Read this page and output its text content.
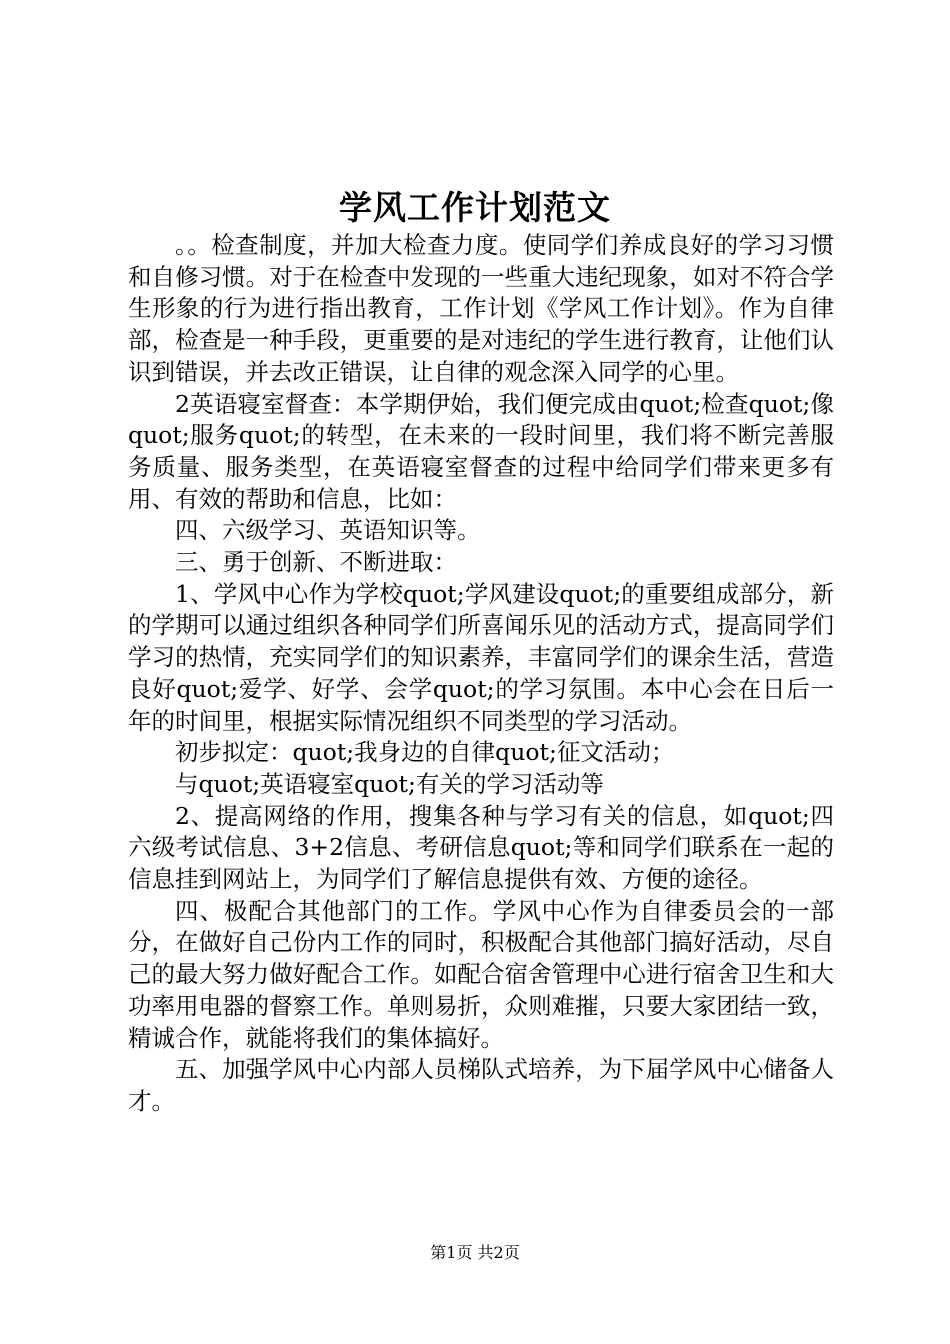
学风工作计划范文

。。检查制度，并加大检查力度。使同学们养成良好的学习习惯和自修习惯。对于在检查中发现的一些重大违纪现象，如对不符合学生形象的行为进行指出教育，工作计划《学风工作计划》。作为自律部，检查是一种手段，更重要的是对违纪的学生进行教育，让他们认识到错误，并去改正错误，让自律的观念深入同学的心里。

2英语寝室督查：本学期伊始，我们便完成由quot;检查quot;像quot;服务quot;的转型，在未来的一段时间里，我们将不断完善服务质量、服务类型，在英语寝室督查的过程中给同学们带来更多有用、有效的帮助和信息，比如：

四、六级学习、英语知识等。

三、勇于创新、不断进取：

1、学风中心作为学校quot;学风建设quot;的重要组成部分，新的学期可以通过组织各种同学们所喜闻乐见的活动方式，提高同学们学习的热情，充实同学们的知识素养，丰富同学们的课余生活，营造良好quot;爱学、好学、会学quot;的学习氛围。本中心会在日后一年的时间里，根据实际情况组织不同类型的学习活动。

初步拟定：quot;我身边的自律quot;征文活动；

与quot;英语寝室quot;有关的学习活动等

2、提高网络的作用，搜集各种与学习有关的信息，如quot;四六级考试信息、3+2信息、考研信息quot;等和同学们联系在一起的信息挂到网站上，为同学们了解信息提供有效、方便的途径。

四、极配合其他部门的工作。学风中心作为自律委员会的一部分，在做好自己份内工作的同时，积极配合其他部门搞好活动，尽自己的最大努力做好配合工作。如配合宿舍管理中心进行宿舍卫生和大功率用电器的督察工作。单则易折，众则难摧，只要大家团结一致，精诚合作，就能将我们的集体搞好。

五、加强学风中心内部人员梯队式培养，为下届学风中心储备人才。

第1页 共2页
